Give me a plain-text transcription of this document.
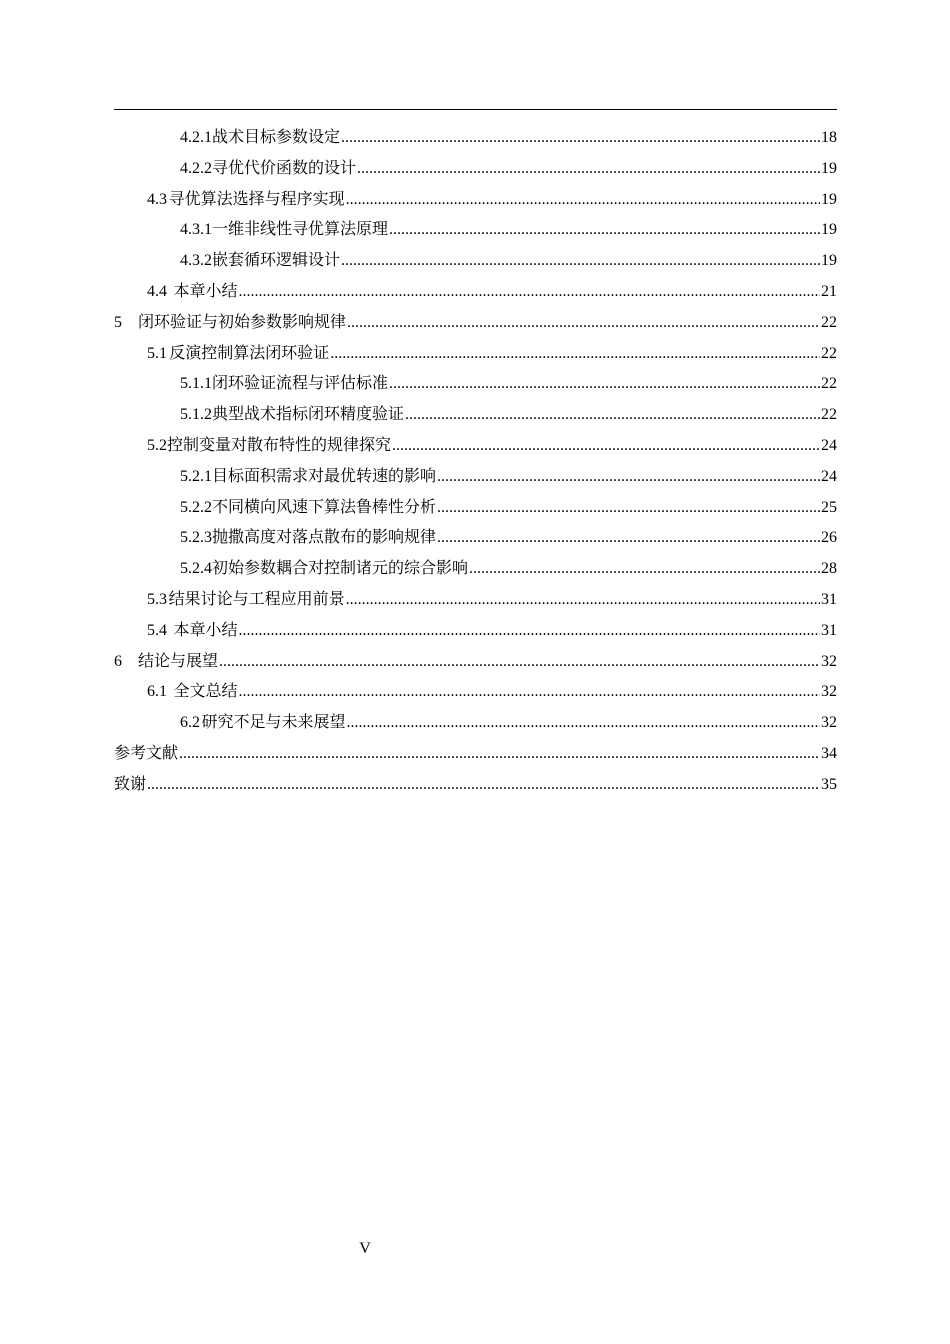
4.2.1 战术目标参数设定 .....	18
4.2.2 寻优代价函数的设计 .....	19
4.3 寻优算法选择与程序实现 .....	19
4.3.1 一维非线性寻优算法原理 .....	19
4.3.2 嵌套循环逻辑设计 .....	19
4.4 本章小结 .....	21
5 闭环验证与初始参数影响规律 .....	22
5.1 反演控制算法闭环验证 .....	22
5.1.1 闭环验证流程与评估标准 .....	22
5.1.2 典型战术指标闭环精度验证 .....	22
5.2 控制变量对散布特性的规律探究 .....	24
5.2.1 目标面积需求对最优转速的影响 .....	24
5.2.2 不同横向风速下算法鲁棒性分析 .....	25
5.2.3 抛撒高度对落点散布的影响规律 .....	26
5.2.4 初始参数耦合对控制诸元的综合影响 .....	28
5.3 结果讨论与工程应用前景 .....	31
5.4 本章小结 .....	31
6 结论与展望 .....	32
6.1 全文总结 .....	32
6.2 研究不足与未来展望 .....	32
参考文献 .....	34
致谢 .....	35
V
